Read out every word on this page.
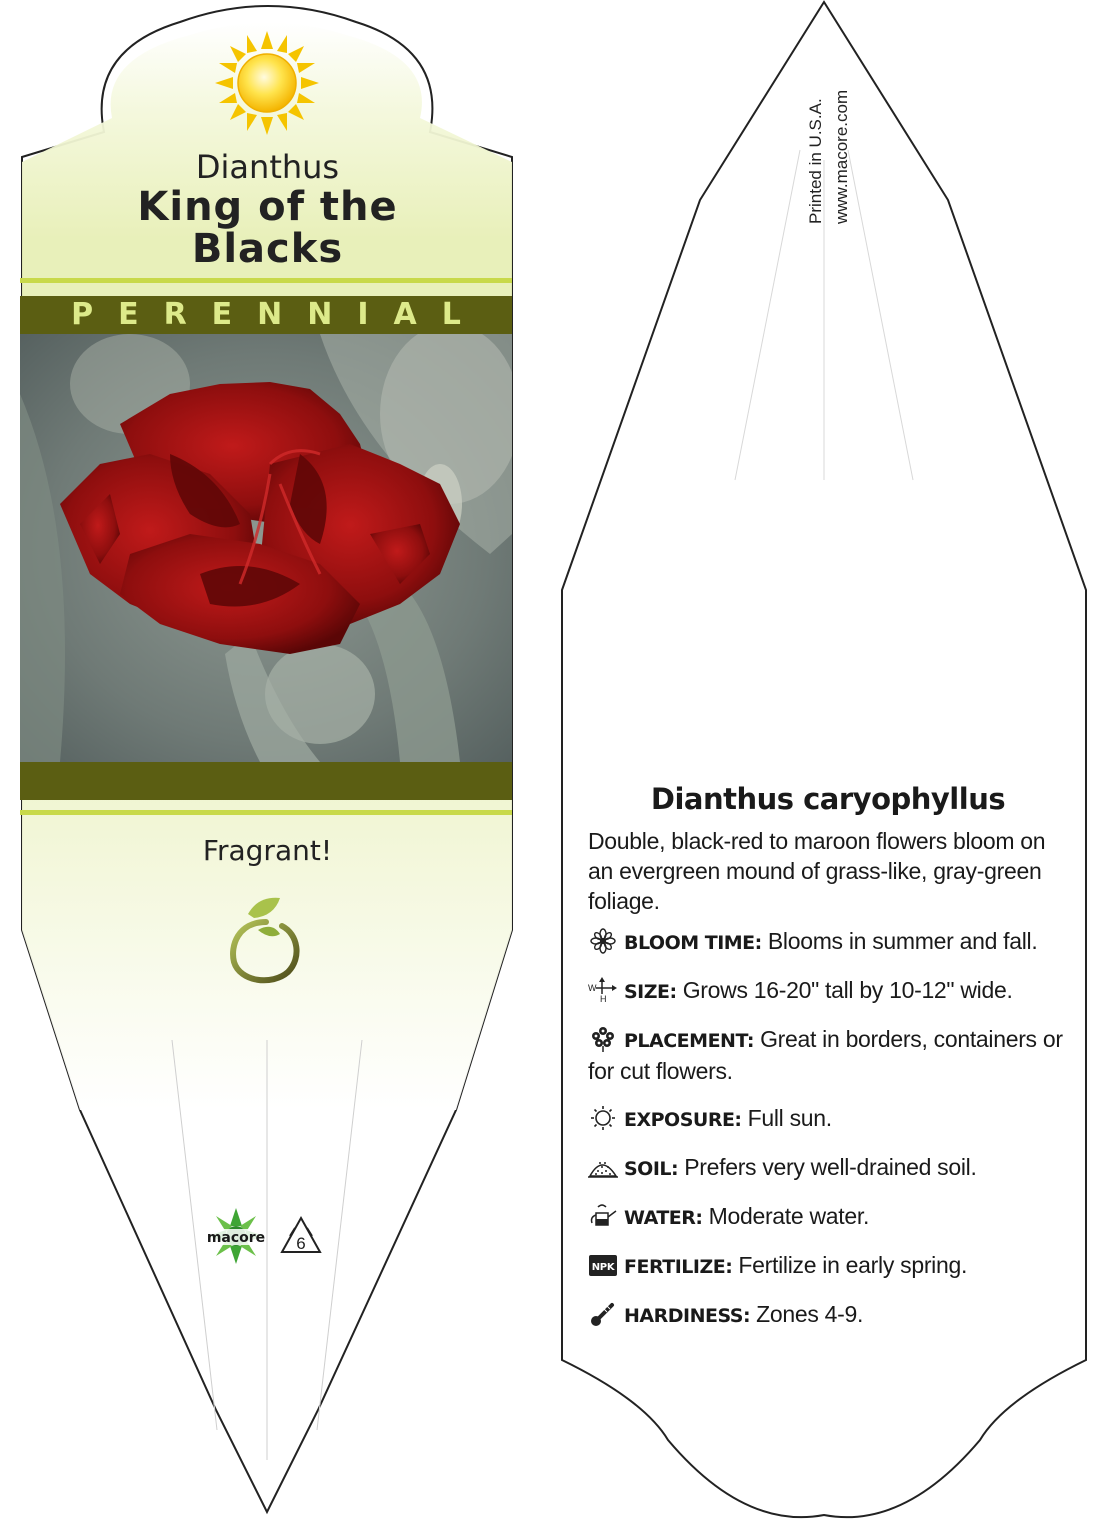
Dianthus
King of the Blacks
PERENNIAL
Fragrant!
macore 6
Printed in U.S.A. www.macore.com
Dianthus caryophyllus
Double, black-red to maroon flowers bloom on an evergreen mound of grass-like, gray-green foliage.
BLOOM TIME: Blooms in summer and fall.
W
H SIZE: Grows 16-20" tall by 10-12" wide.
PLACEMENT: Great in borders, containers or for cut flowers.
EXPOSURE: Full sun.
SOIL: Prefers very well-drained soil.
WATER: Moderate water.
NPK FERTILIZE: Fertilize in early spring.
HARDINESS: Zones 4-9.
